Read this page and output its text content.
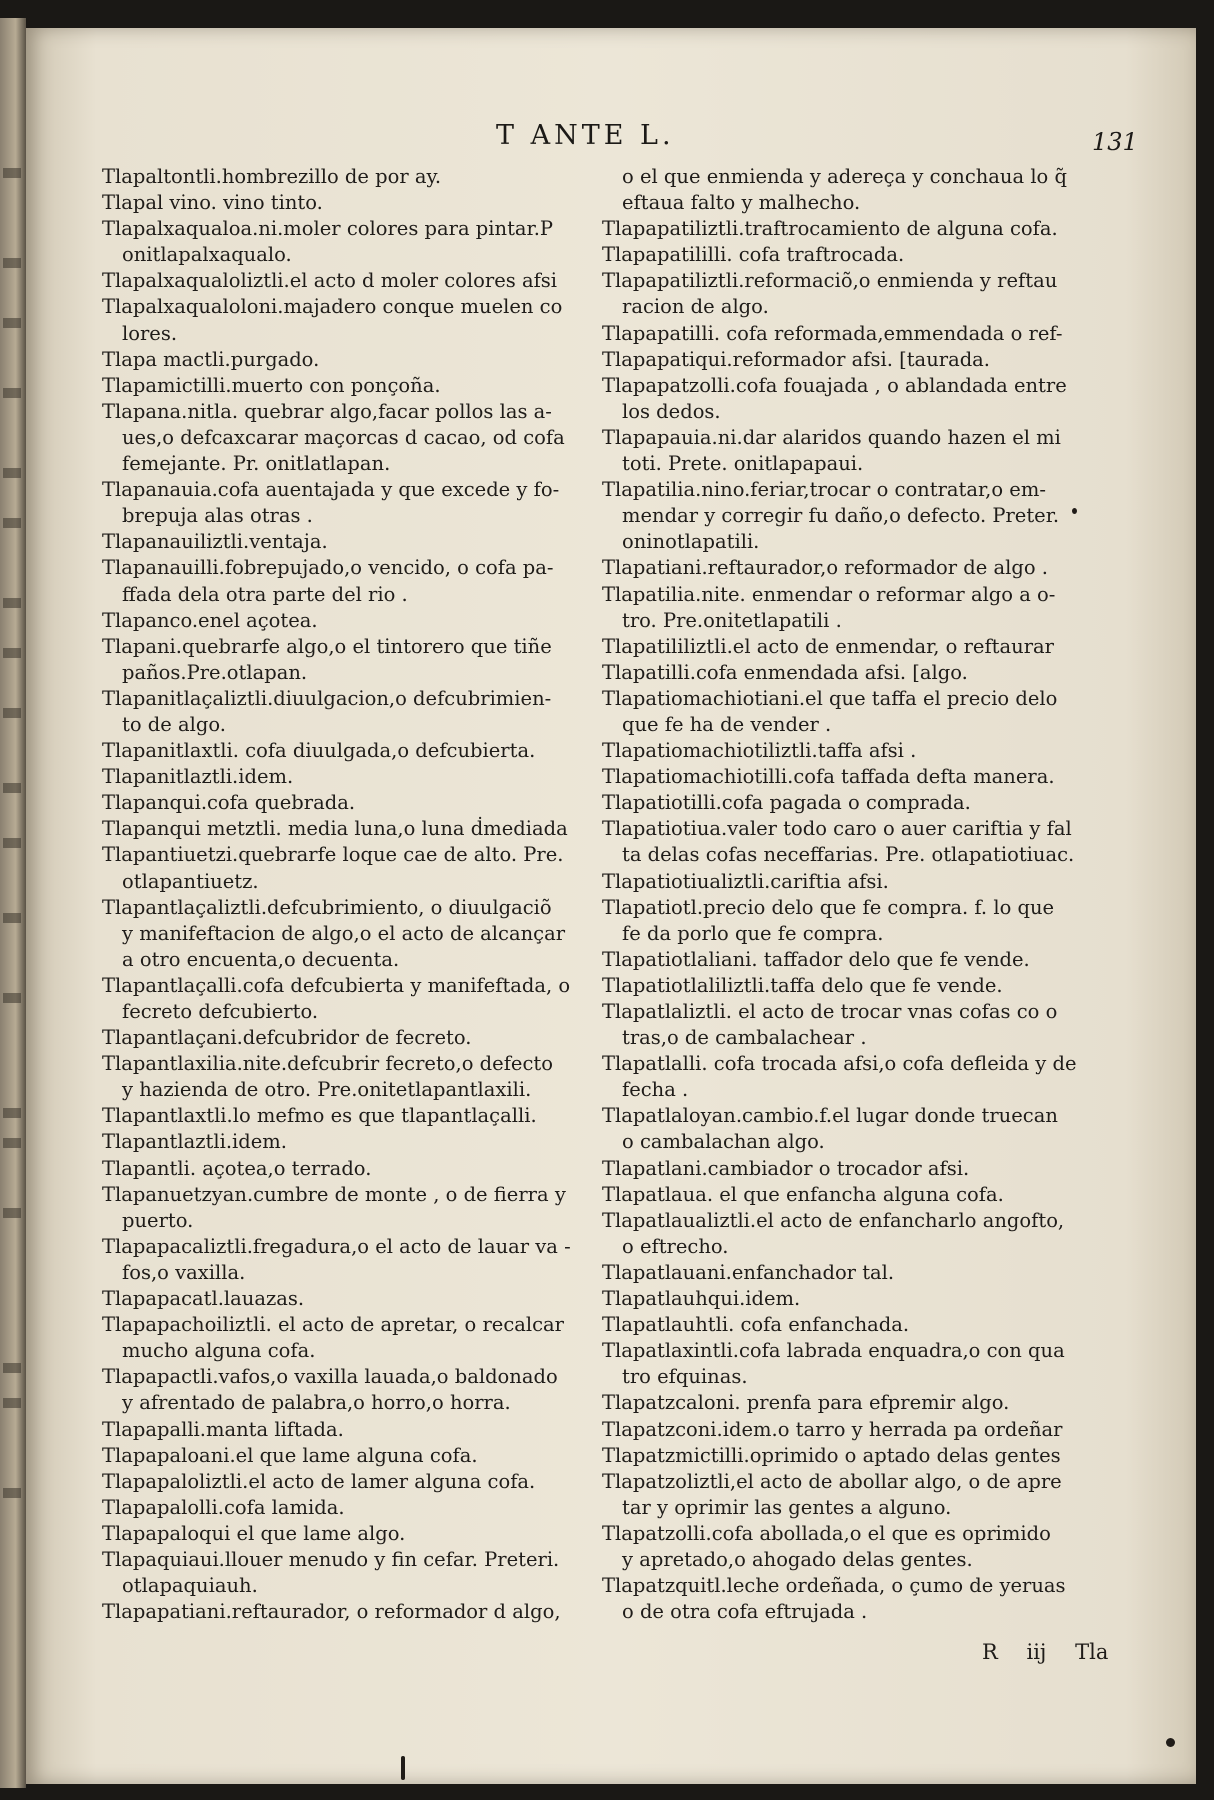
T ANTE L.	131
Tlapaltontli.hombrezillo de por ay.
Tlapal vino. vino tinto.
Tlapalxaqualoa.ni.moler colores para pintar.P
onitlapalxaqualo.
Tlapalxaqualoliztli.el acto d moler colores afsi
Tlapalxaqualoloni.majadero conque muelen co
lores.
Tlapa mactli.purgado.
Tlapamictilli.muerto con ponçoña.
Tlapana.nitla. quebrar algo,facar pollos las a-
ues,o defcaxcarar maçorcas d cacao, od cofa
femejante. Pr. onitlatlapan.
Tlapanauia.cofa auentajada y que excede y fo-
brepuja alas otras .
Tlapanauiliztli.ventaja.
Tlapanauilli.fobrepujado,o vencido, o cofa pa-
ffada dela otra parte del rio .
Tlapanco.enel açotea.
Tlapani.quebrarfe algo,o el tintorero que tiñe
paños.Pre.otlapan.
Tlapanitlaçaliztli.diuulgacion,o defcubrimien-
to de algo.
Tlapanitlaxtli. cofa diuulgada,o defcubierta.
Tlapanitlaztli.idem.
Tlapanqui.cofa quebrada.
Tlapanqui metztli. media luna,o luna ḋmediada
Tlapantiuetzi.quebrarfe loque cae de alto. Pre.
otlapantiuetz.
Tlapantlaçaliztli.defcubrimiento, o diuulgaciõ
y manifeftacion de algo,o el acto de alcançar
a otro encuenta,o decuenta.
Tlapantlaçalli.cofa defcubierta y manifeftada, o
fecreto defcubierto.
Tlapantlaçani.defcubridor de fecreto.
Tlapantlaxilia.nite.defcubrir fecreto,o defecto
y hazienda de otro. Pre.onitetlapantlaxili.
Tlapantlaxtli.lo mefmo es que tlapantlaçalli.
Tlapantlaztli.idem.
Tlapantli. açotea,o terrado.
Tlapanuetzyan.cumbre de monte , o de fierra y
puerto.
Tlapapacaliztli.fregadura,o el acto de lauar va -
fos,o vaxilla.
Tlapapacatl.lauazas.
Tlapapachoiliztli. el acto de apretar, o recalcar
mucho alguna cofa.
Tlapapactli.vafos,o vaxilla lauada,o baldonado
y afrentado de palabra,o horro,o horra.
Tlapapalli.manta liftada.
Tlapapaloani.el que lame alguna cofa.
Tlapapaloliztli.el acto de lamer alguna cofa.
Tlapapalolli.cofa lamida.
Tlapapaloqui el que lame algo.
Tlapaquiaui.llouer menudo y fin cefar. Preteri.
otlapaquiauh.
Tlapapatiani.reftaurador, o reformador d algo,
o el que enmienda y adereça y conchaua lo q̃
eftaua falto y malhecho.
Tlapapatiliztli.traftrocamiento de alguna cofa.
Tlapapatililli. cofa traftrocada.
Tlapapatiliztli.reformaciõ,o enmienda y reftau
racion de algo.
Tlapapatilli. cofa reformada,emmendada o ref-
Tlapapatiqui.reformador afsi. [taurada.
Tlapapatzolli.cofa fouajada , o ablandada entre
los dedos.
Tlapapauia.ni.dar alaridos quando hazen el mi
toti. Prete. onitlapapaui.
Tlapatilia.nino.feriar,trocar o contratar,o em-
mendar y corregir fu daño,o defecto. Preter.
oninotlapatili.
Tlapatiani.reftaurador,o reformador de algo .
Tlapatilia.nite. enmendar o reformar algo a o-
tro. Pre.onitetlapatili .
Tlapatililiztli.el acto de enmendar, o reftaurar
Tlapatilli.cofa enmendada afsi. [algo.
Tlapatiomachiotiani.el que taffa el precio delo
que fe ha de vender .
Tlapatiomachiotiliztli.taffa afsi .
Tlapatiomachiotilli.cofa taffada defta manera.
Tlapatiotilli.cofa pagada o comprada.
Tlapatiotiua.valer todo caro o auer cariftia y fal
ta delas cofas neceffarias. Pre. otlapatiotiuac.
Tlapatiotiualiztli.cariftia afsi.
Tlapatiotl.precio delo que fe compra. f. lo que
fe da porlo que fe compra.
Tlapatiotlaliani. taffador delo que fe vende.
Tlapatiotlaliliztli.taffa delo que fe vende.
Tlapatlaliztli. el acto de trocar vnas cofas co o
tras,o de cambalachear .
Tlapatlalli. cofa trocada afsi,o cofa defleida y de
fecha .
Tlapatlaloyan.cambio.f.el lugar donde truecan
o cambalachan algo.
Tlapatlani.cambiador o trocador afsi.
Tlapatlaua. el que enfancha alguna cofa.
Tlapatlaualiztli.el acto de enfancharlo angofto,
o eftrecho.
Tlapatlauani.enfanchador tal.
Tlapatlauhqui.idem.
Tlapatlauhtli. cofa enfanchada.
Tlapatlaxintli.cofa labrada enquadra,o con qua
tro efquinas.
Tlapatzcaloni. prenfa para efpremir algo.
Tlapatzconi.idem.o tarro y herrada pa ordeñar
Tlapatzmictilli.oprimido o aptado delas gentes
Tlapatzoliztli,el acto de abollar algo, o de apre
tar y oprimir las gentes a alguno.
Tlapatzolli.cofa abollada,o el que es oprimido
y apretado,o ahogado delas gentes.
Tlapatzquitl.leche ordeñada, o çumo de yeruas
o de otra cofa eftrujada .
R iij Tla
